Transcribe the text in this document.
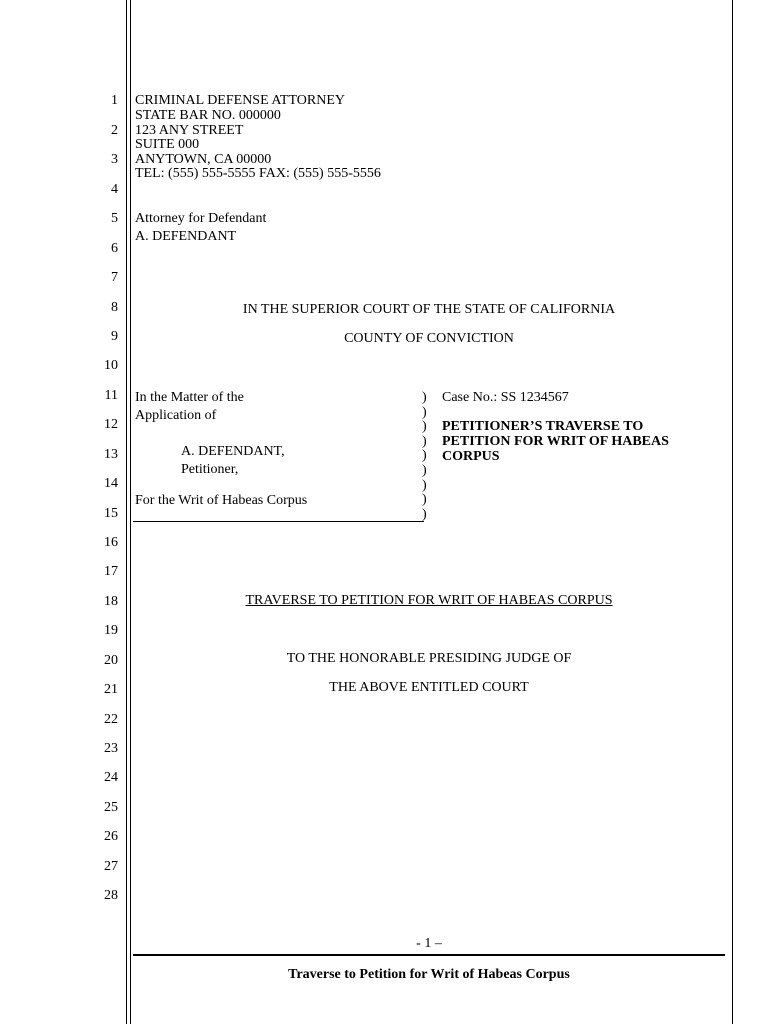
1
2
3
4
5
6
7
8
9
10
11
12
13
14
15
16
17
18
19
20
21
22
23
24
25
26
27
28
CRIMINAL DEFENSE ATTORNEY
STATE BAR NO. 000000
123 ANY STREET
SUITE 000
ANYTOWN, CA 00000
TEL: (555) 555-5555 FAX: (555) 555-5556
Attorney for Defendant
A. DEFENDANT
IN THE SUPERIOR COURT OF THE STATE OF CALIFORNIA
COUNTY OF CONVICTION
In the Matter of the
Application of
A. DEFENDANT,
Petitioner,
For the Writ of Habeas Corpus
)
)
)
)
)
)
)
)
)
Case No.: SS 1234567
PETITIONER’S TRAVERSE TO
PETITION FOR WRIT OF HABEAS
CORPUS
TRAVERSE TO PETITION FOR WRIT OF HABEAS CORPUS
TO THE HONORABLE PRESIDING JUDGE OF
THE ABOVE ENTITLED COURT
- 1 –
Traverse to Petition for Writ of Habeas Corpus
